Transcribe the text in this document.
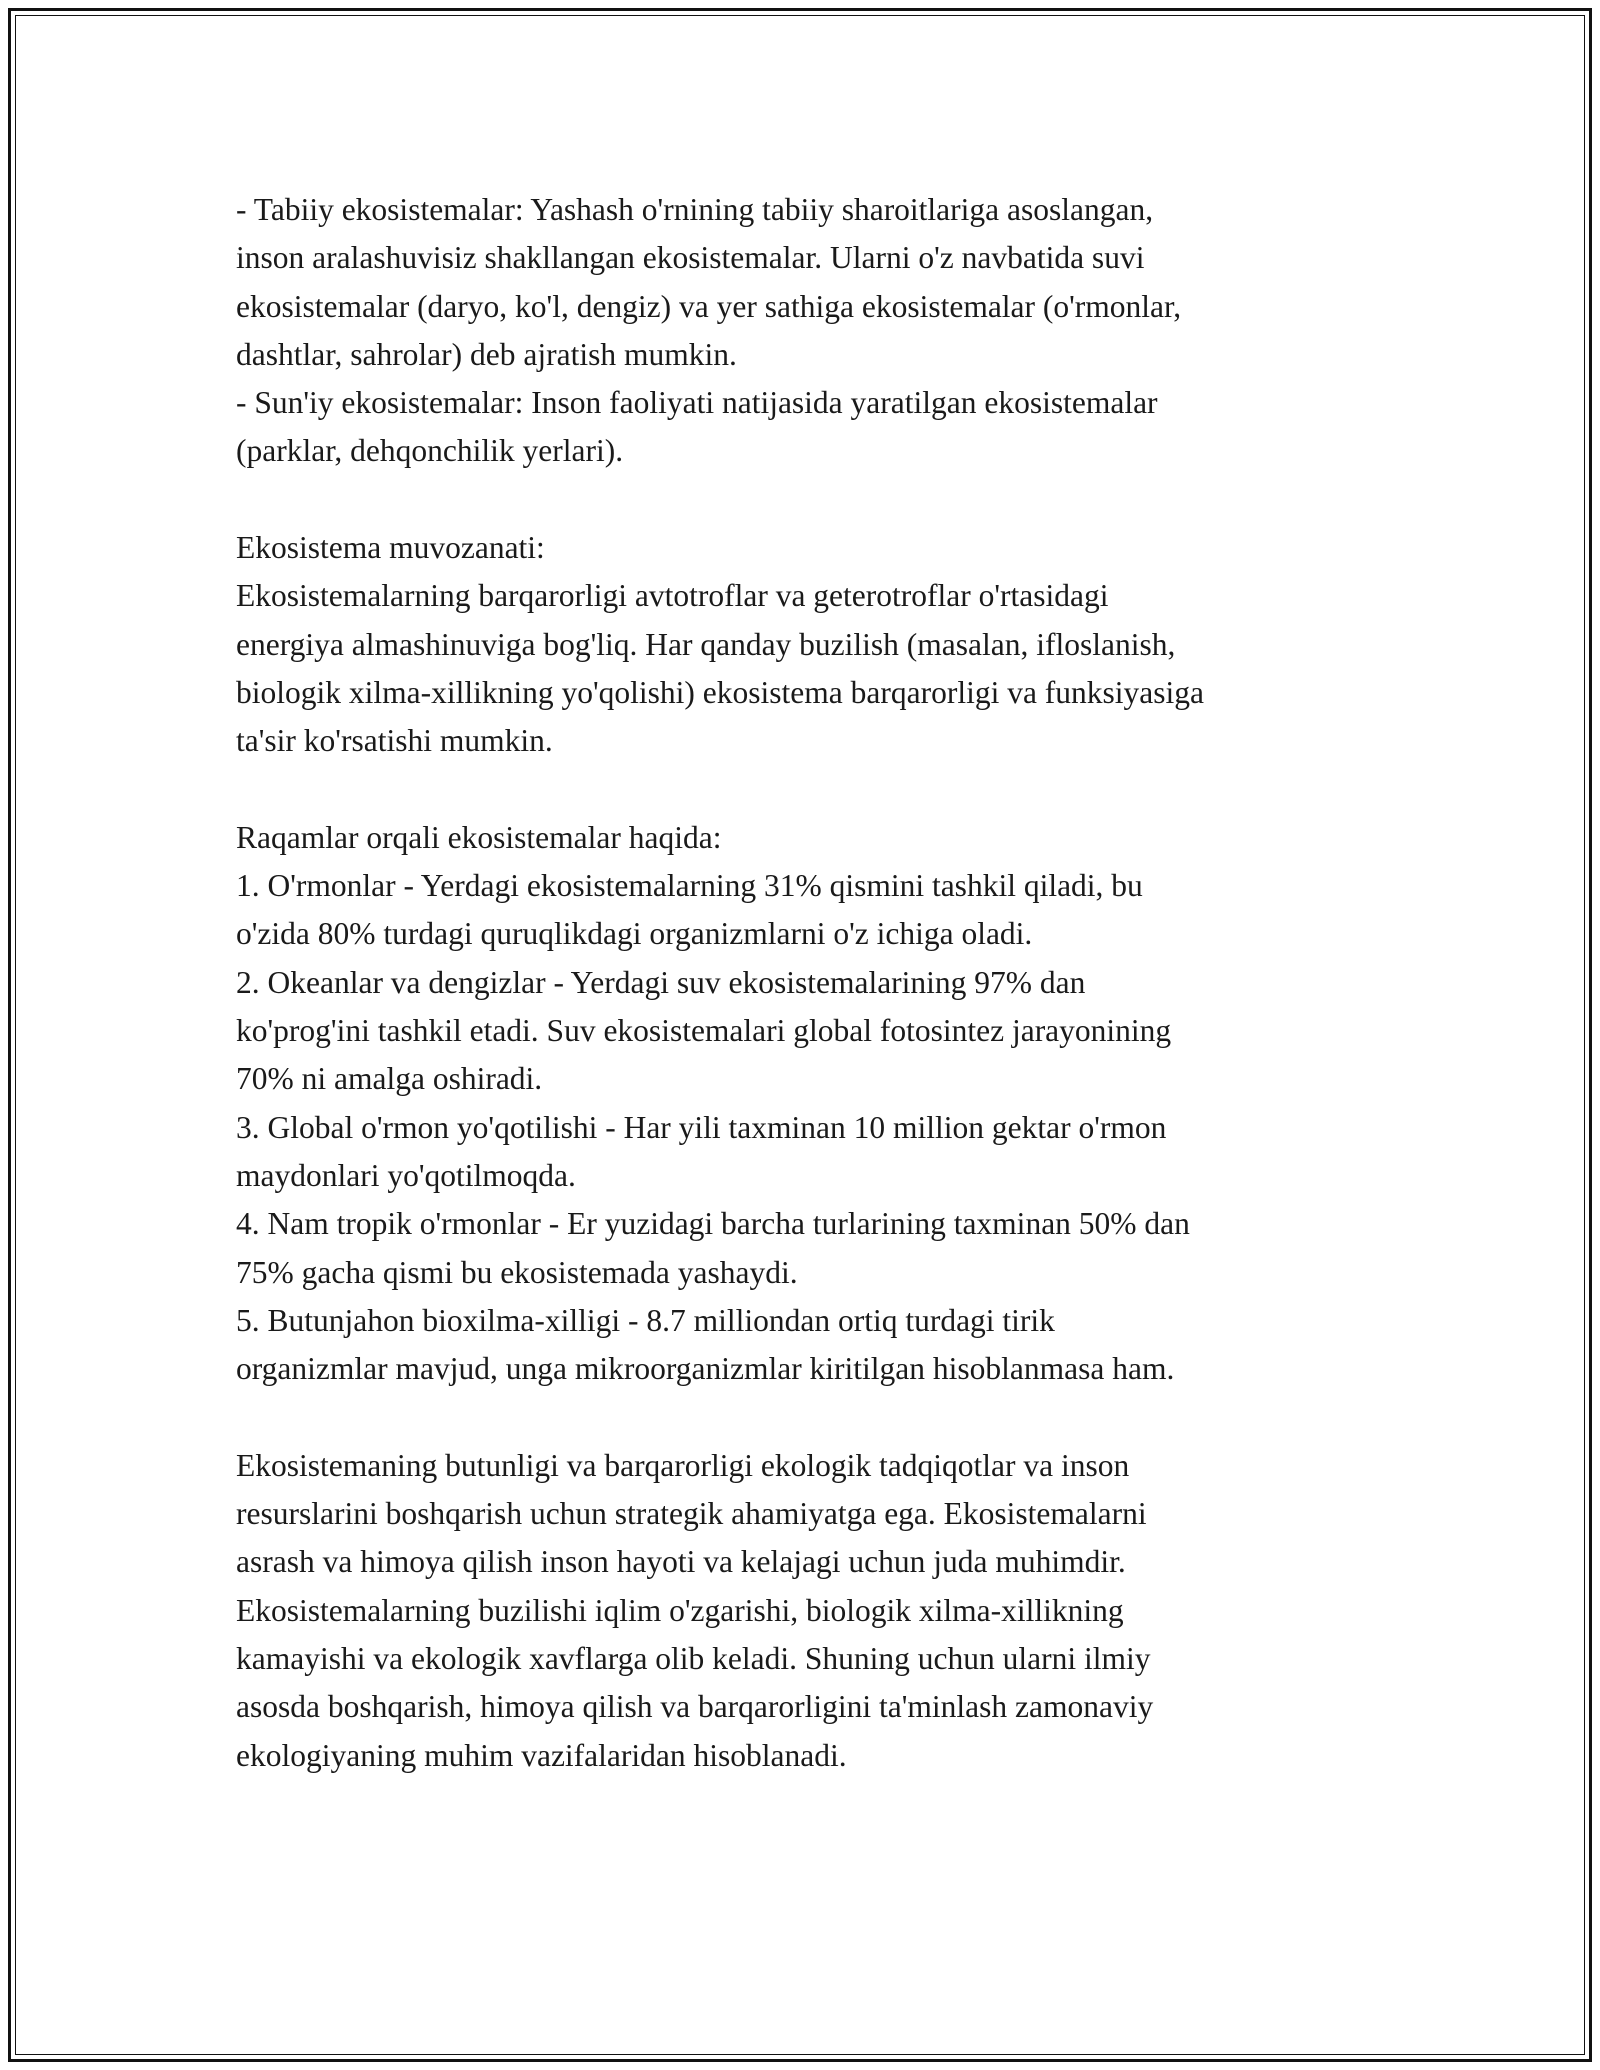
- Tabiiy ekosistemalar: Yashash o'rnining tabiiy sharoitlariga asoslangan,
inson aralashuvisiz shakllangan ekosistemalar. Ularni o'z navbatida suvi
ekosistemalar (daryo, ko'l, dengiz) va yer sathiga ekosistemalar (o'rmonlar,
dashtlar, sahrolar) deb ajratish mumkin.
- Sun'iy ekosistemalar: Inson faoliyati natijasida yaratilgan ekosistemalar
(parklar, dehqonchilik yerlari).
Ekosistema muvozanati:
Ekosistemalarning barqarorligi avtotroflar va geterotroflar o'rtasidagi
energiya almashinuviga bog'liq. Har qanday buzilish (masalan, ifloslanish,
biologik xilma-xillikning yo'qolishi) ekosistema barqarorligi va funksiyasiga
ta'sir ko'rsatishi mumkin.
Raqamlar orqali ekosistemalar haqida:
1. O'rmonlar - Yerdagi ekosistemalarning 31% qismini tashkil qiladi, bu
o'zida 80% turdagi quruqlikdagi organizmlarni o'z ichiga oladi.
2. Okeanlar va dengizlar - Yerdagi suv ekosistemalarining 97% dan
ko'prog'ini tashkil etadi. Suv ekosistemalari global fotosintez jarayonining
70% ni amalga oshiradi.
3. Global o'rmon yo'qotilishi - Har yili taxminan 10 million gektar o'rmon
maydonlari yo'qotilmoqda.
4. Nam tropik o'rmonlar - Er yuzidagi barcha turlarining taxminan 50% dan
75% gacha qismi bu ekosistemada yashaydi.
5. Butunjahon bioxilma-xilligi - 8.7 milliondan ortiq turdagi tirik
organizmlar mavjud, unga mikroorganizmlar kiritilgan hisoblanmasa ham.
Ekosistemaning butunligi va barqarorligi ekologik tadqiqotlar va inson
resurslarini boshqarish uchun strategik ahamiyatga ega. Ekosistemalarni
asrash va himoya qilish inson hayoti va kelajagi uchun juda muhimdir.
Ekosistemalarning buzilishi iqlim o'zgarishi, biologik xilma-xillikning
kamayishi va ekologik xavflarga olib keladi. Shuning uchun ularni ilmiy
asosda boshqarish, himoya qilish va barqarorligini ta'minlash zamonaviy
ekologiyaning muhim vazifalaridan hisoblanadi.
